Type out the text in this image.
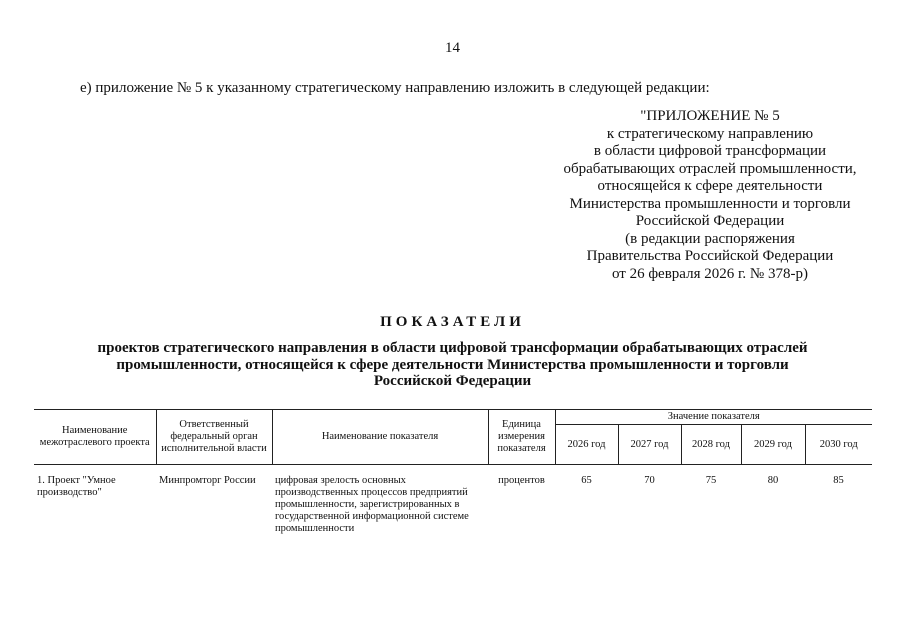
14
е) приложение № 5 к указанному стратегическому направлению изложить в следующей редакции:
"ПРИЛОЖЕНИЕ № 5
к стратегическому направлению
в области цифровой трансформации
обрабатывающих отраслей промышленности,
относящейся к сфере деятельности
Министерства промышленности и торговли
Российской Федерации
(в редакции распоряжения
Правительства Российской Федерации
от 26 февраля 2026 г. № 378-р)
ПОКАЗАТЕЛИ
проектов стратегического направления в области цифровой трансформации обрабатывающих отраслей
промышленности, относящейся к сфере деятельности Министерства промышленности и торговли
Российской Федерации
Наименование межотраслевого проекта	Ответственный федеральный орган исполнительной власти	Наименование показателя	Единица измерения показателя	Значение показателя				
				2026 год	2027 год	2028 год	2029 год	2030 год
1. Проект "Умное производство"	Минпромторг России	цифровая зрелость основных производственных процессов предприятий промышленности, зарегистрированных в государственной информационной системе промышленности	процентов	65	70	75	80	85
